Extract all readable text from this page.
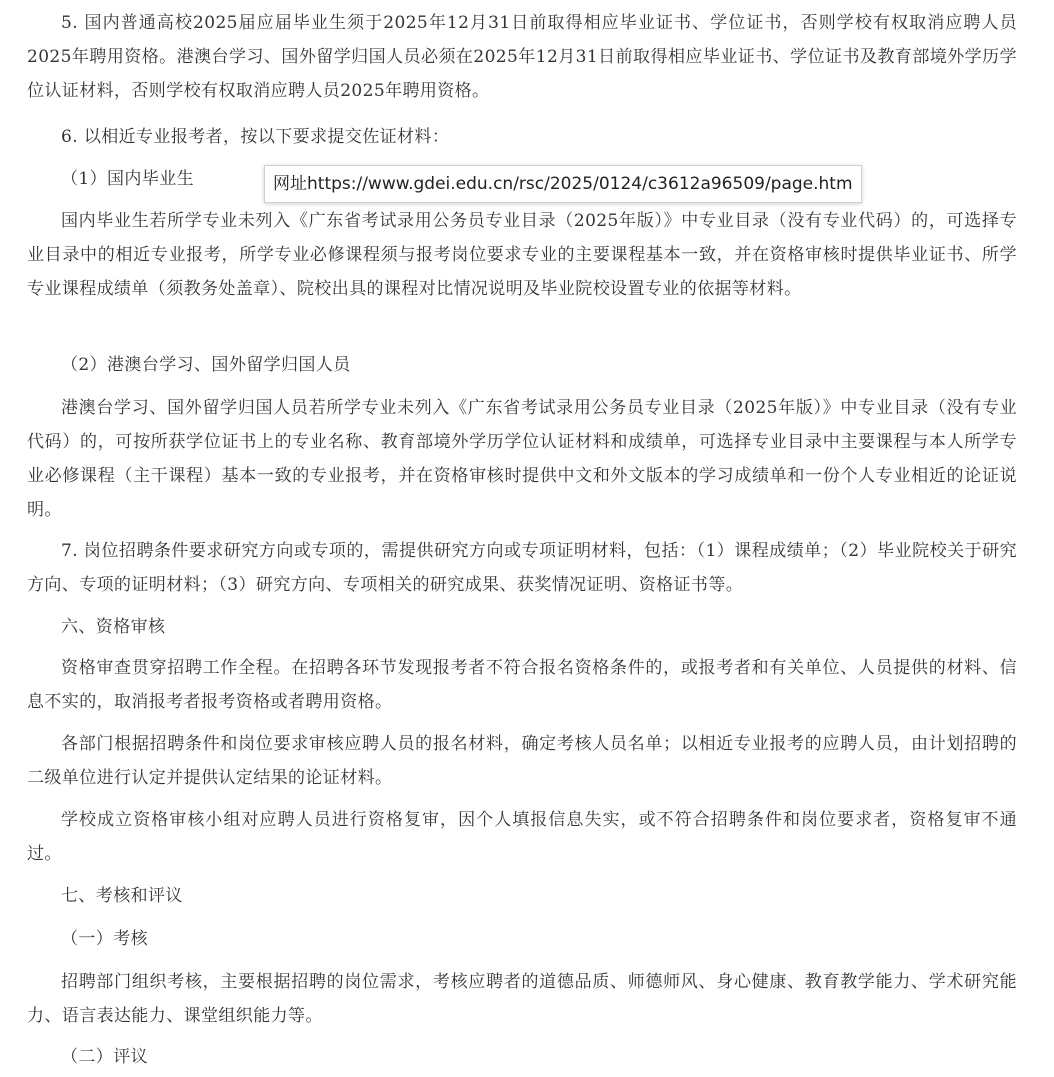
5. 国内普通高校2025届应届毕业生须于2025年12月31日前取得相应毕业证书、学位证书，否则学校有权取消应聘人员2025年聘用资格。港澳台学习、国外留学归国人员必须在2025年12月31日前取得相应毕业证书、学位证书及教育部境外学历学位认证材料，否则学校有权取消应聘人员2025年聘用资格。

6. 以相近专业报考者，按以下要求提交佐证材料：

（1）国内毕业生

国内毕业生若所学专业未列入《广东省考试录用公务员专业目录（2025年版）》中专业目录（没有专业代码）的，可选择专业目录中的相近专业报考，所学专业必修课程须与报考岗位要求专业的主要课程基本一致，并在资格审核时提供毕业证书、所学专业课程成绩单（须教务处盖章）、院校出具的课程对比情况说明及毕业院校设置专业的依据等材料。

（2）港澳台学习、国外留学归国人员

港澳台学习、国外留学归国人员若所学专业未列入《广东省考试录用公务员专业目录（2025年版）》中专业目录（没有专业代码）的，可按所获学位证书上的专业名称、教育部境外学历学位认证材料和成绩单，可选择专业目录中主要课程与本人所学专业必修课程（主干课程）基本一致的专业报考，并在资格审核时提供中文和外文版本的学习成绩单和一份个人专业相近的论证说明。

7. 岗位招聘条件要求研究方向或专项的，需提供研究方向或专项证明材料，包括：（1）课程成绩单；（2）毕业院校关于研究方向、专项的证明材料；（3）研究方向、专项相关的研究成果、获奖情况证明、资格证书等。

六、资格审核

资格审查贯穿招聘工作全程。在招聘各环节发现报考者不符合报名资格条件的，或报考者和有关单位、人员提供的材料、信息不实的，取消报考者报考资格或者聘用资格。

各部门根据招聘条件和岗位要求审核应聘人员的报名材料，确定考核人员名单；以相近专业报考的应聘人员，由计划招聘的二级单位进行认定并提供认定结果的论证材料。

学校成立资格审核小组对应聘人员进行资格复审，因个人填报信息失实，或不符合招聘条件和岗位要求者，资格复审不通过。

七、考核和评议

（一）考核

招聘部门组织考核，主要根据招聘的岗位需求，考核应聘者的道德品质、师德师风、身心健康、教育教学能力、学术研究能力、语言表达能力、课堂组织能力等。

（二）评议

网址https://www.gdei.edu.cn/rsc/2025/0124/c3612a96509/page.htm
